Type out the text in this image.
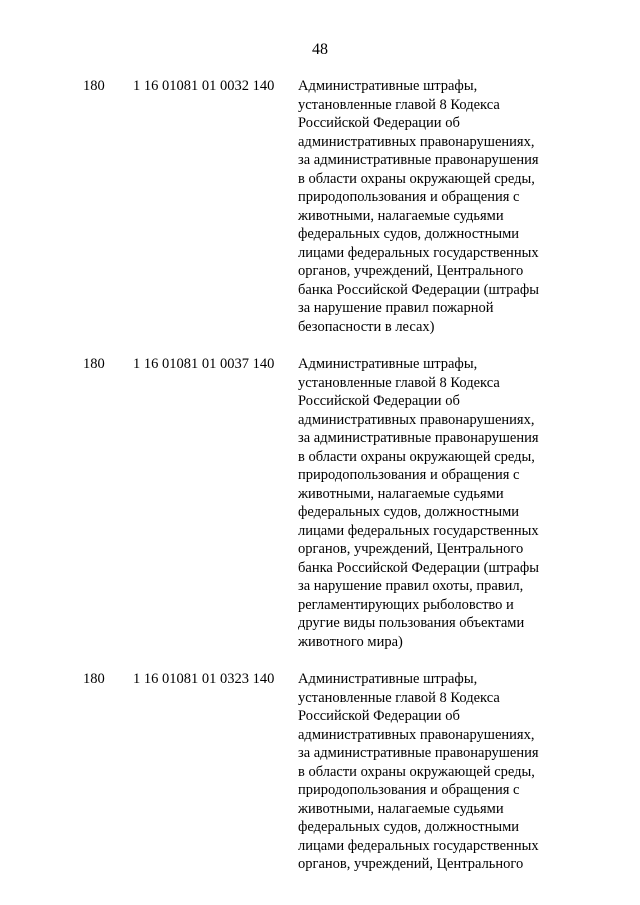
48
180 1 16 01081 01 0032 140 Административные штрафы,
установленные главой 8 Кодекса
Российской Федерации об
административных правонарушениях,
за административные правонарушения
в области охраны окружающей среды,
природопользования и обращения с
животными, налагаемые судьями
федеральных судов, должностными
лицами федеральных государственных
органов, учреждений, Центрального
банка Российской Федерации (штрафы
за нарушение правил пожарной
безопасности в лесах)
180 1 16 01081 01 0037 140 Административные штрафы,
установленные главой 8 Кодекса
Российской Федерации об
административных правонарушениях,
за административные правонарушения
в области охраны окружающей среды,
природопользования и обращения с
животными, налагаемые судьями
федеральных судов, должностными
лицами федеральных государственных
органов, учреждений, Центрального
банка Российской Федерации (штрафы
за нарушение правил охоты, правил,
регламентирующих рыболовство и
другие виды пользования объектами
животного мира)
180 1 16 01081 01 0323 140 Административные штрафы,
установленные главой 8 Кодекса
Российской Федерации об
административных правонарушениях,
за административные правонарушения
в области охраны окружающей среды,
природопользования и обращения с
животными, налагаемые судьями
федеральных судов, должностными
лицами федеральных государственных
органов, учреждений, Центрального
